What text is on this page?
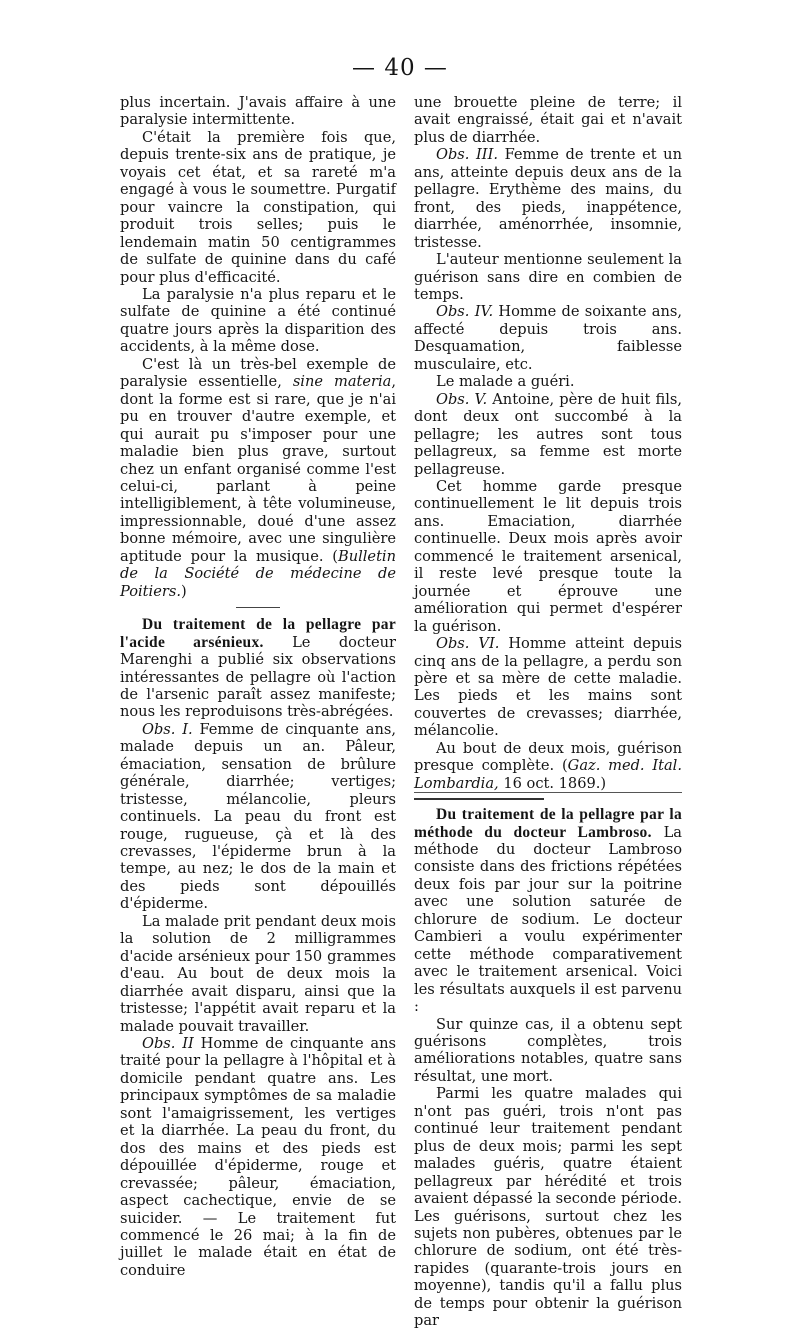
— 40 —

plus incertain. J'avais affaire à une paralysie intermittente.

C'était la première fois que, depuis trente-six ans de pratique, je voyais cet état, et sa rareté m'a engagé à vous le soumettre. Purgatif pour vaincre la constipation, qui produit trois selles; puis le lendemain matin 50 centigrammes de sulfate de quinine dans du café pour plus d'efficacité.

La paralysie n'a plus reparu et le sulfate de quinine a été continué quatre jours après la disparition des accidents, à la même dose.

C'est là un très-bel exemple de paralysie essentielle, sine materia, dont la forme est si rare, que je n'ai pu en trouver d'autre exemple, et qui aurait pu s'imposer pour une maladie bien plus grave, surtout chez un enfant organisé comme l'est celui-ci, parlant à peine intelligiblement, à tête volumineuse, impressionnable, doué d'une assez bonne mémoire, avec une singulière aptitude pour la musique. (Bulletin de la Société de médecine de Poitiers.)

Du traitement de la pellagre par l'acide arsénieux. Le docteur Marenghi a publié six observations intéressantes de pellagre où l'action de l'arsenic paraît assez manifeste; nous les reproduisons très-abrégées.

Obs. I. Femme de cinquante ans, malade depuis un an. Pâleur, émaciation, sensation de brûlure générale, diarrhée; vertiges; tristesse, mélancolie, pleurs continuels. La peau du front est rouge, rugueuse, çà et là des crevasses, l'épiderme brun à la tempe, au nez; le dos de la main et des pieds sont dépouillés d'épiderme.

La malade prit pendant deux mois la solution de 2 milligrammes d'acide arsénieux pour 150 grammes d'eau. Au bout de deux mois la diarrhée avait disparu, ainsi que la tristesse; l'appétit avait reparu et la malade pouvait travailler.

Obs. II Homme de cinquante ans traité pour la pellagre à l'hôpital et à domicile pendant quatre ans. Les principaux symptômes de sa maladie sont l'amaigrissement, les vertiges et la diarrhée. La peau du front, du dos des mains et des pieds est dépouillée d'épiderme, rouge et crevassée; pâleur, émaciation, aspect cachectique, envie de se suicider. — Le traitement fut commencé le 26 mai; à la fin de juillet le malade était en état de conduire

une brouette pleine de terre; il avait engraissé, était gai et n'avait plus de diarrhée.

Obs. III. Femme de trente et un ans, atteinte depuis deux ans de la pellagre. Erythème des mains, du front, des pieds, inappétence, diarrhée, aménorrhée, insomnie, tristesse.

L'auteur mentionne seulement la guérison sans dire en combien de temps.

Obs. IV. Homme de soixante ans, affecté depuis trois ans. Desquamation, faiblesse musculaire, etc.

Le malade a guéri.

Obs. V. Antoine, père de huit fils, dont deux ont succombé à la pellagre; les autres sont tous pellagreux, sa femme est morte pellagreuse.

Cet homme garde presque continuellement le lit depuis trois ans. Emaciation, diarrhée continuelle. Deux mois après avoir commencé le traitement arsenical, il reste levé presque toute la journée et éprouve une amélioration qui permet d'espérer la guérison.

Obs. VI. Homme atteint depuis cinq ans de la pellagre, a perdu son père et sa mère de cette maladie. Les pieds et les mains sont couvertes de crevasses; diarrhée, mélancolie.

Au bout de deux mois, guérison presque complète. (Gaz. med. Ital. Lombardia, 16 oct. 1869.)

Du traitement de la pellagre par la méthode du docteur Lambroso. La méthode du docteur Lambroso consiste dans des frictions répétées deux fois par jour sur la poitrine avec une solution saturée de chlorure de sodium. Le docteur Cambieri a voulu expérimenter cette méthode comparativement avec le traitement arsenical. Voici les résultats auxquels il est parvenu :

Sur quinze cas, il a obtenu sept guérisons complètes, trois améliorations notables, quatre sans résultat, une mort.

Parmi les quatre malades qui n'ont pas guéri, trois n'ont pas continué leur traitement pendant plus de deux mois; parmi les sept malades guéris, quatre étaient pellagreux par hérédité et trois avaient dépassé la seconde période. Les guérisons, surtout chez les sujets non pubères, obtenues par le chlorure de sodium, ont été très-rapides (quarante-trois jours en moyenne), tandis qu'il a fallu plus de temps pour obtenir la guérison par
